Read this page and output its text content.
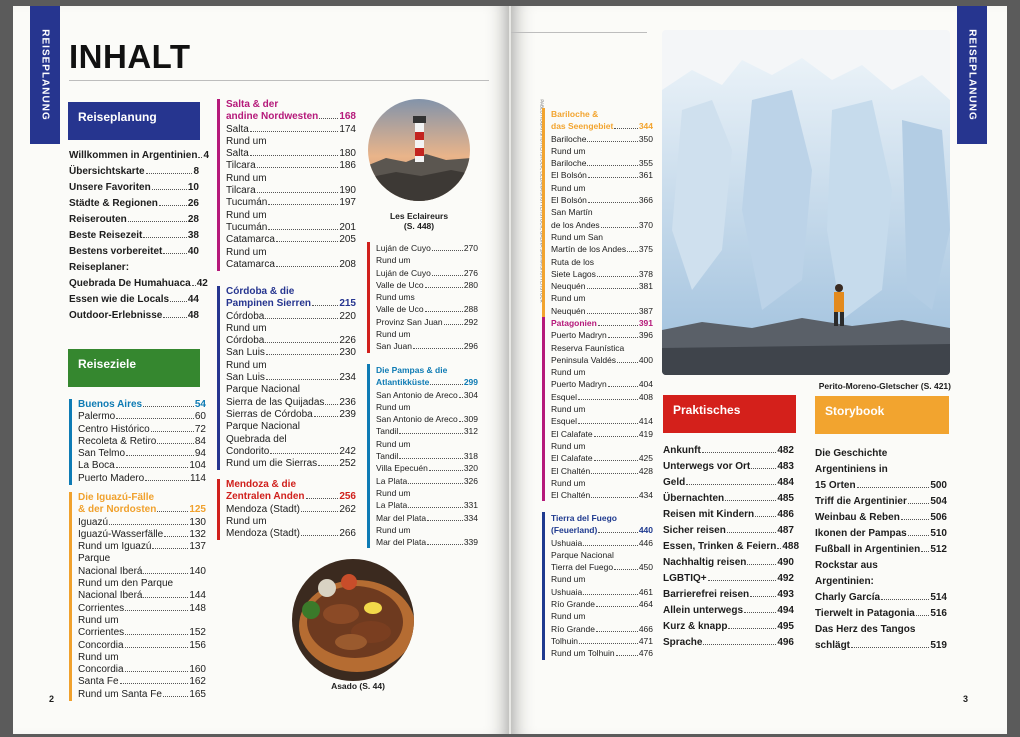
REISEPLANUNG INHALT
Reiseplanung
Willkommen in Argentinien 4
Übersichtskarte	8
Unsere Favoriten	10
Städte & Regionen	26
Reiserouten	28
Beste Reisezeit	38
Bestens vorbereitet	40
Reiseplaner:
Quebrada De Humahuaca 42
Essen wie die Locals 44
Outdoor-Erlebnisse	48
Reiseziele
Buenos Aires	54
Palermo	60
Centro Histórico	72
Recoleta & Retiro	84
San Telmo	94
La Boca	104
Puerto Madero	114
Die Iguazú-Fälle
& der Nordosten	125
Iguazú	130
Iguazú-Wasserfälle	132
Rund um Iguazú	137
Parque
Nacional Iberá	140
Rund um den Parque
Nacional Iberá	144
Corrientes	148
Rund um
Corrientes	152
Concordia	156
Rund um
Concordia	160
Santa Fe	162
Rund um Santa Fe	165
Salta & der
andine Nordwesten 168
Salta	174
Rund um
Salta	180
Tilcara	186
Rund um
Tilcara	190
Tucumán	197
Rund um
Tucumán	201
Catamarca	205
Rund um
Catamarca	208
Córdoba & die
Pampinen Sierren	215
Córdoba	220
Rund um
Córdoba	226
San Luis	230
Rund um
San Luis	234
Parque Nacional
Sierra de las Quijadas 236
Sierras de Córdoba	239
Parque Nacional
Quebrada del
Condorito	242
Rund um die Sierras 252
Mendoza & die
Zentralen Anden	256
Mendoza (Stadt)	262
Rund um
Mendoza (Stadt)	266
Luján de Cuyo	270
Rund um
Luján de Cuyo	276
Valle de Uco	280
Rund ums
Valle de Uco	288
Provinz San Juan 292
Rund um
San Juan	296
Die Pampas & die
Atlantikküste	299
San Antonio de Areco 304
Rund um
San Antonio de Areco 309
Tandil	312
Rund um
Tandil	318
Villa Epecuén	320
La Plata	326
Rund um
La Plata	331
Mar del Plata	334
Rund um
Mar del Plata	339
Les Eclaireurs
(S. 448)
Asado (S. 44)
2
REISEPLANUNG
PABLO ROGAT/SHUTTERSTOCK; LILLIANA/SHUTTERSTOCK; GALINA SAVINA/SHUTTERSTOCK Bariloche &
das Seengebiet	344
Bariloche	350
Rund um
Bariloche	355
El Bolsón	361
Rund um
El Bolsón	366
San Martín
de los Andes	370
Rund um San
Martín de los Andes 375
Ruta de los
Siete Lagos	378
Neuquén	381
Rund um
Neuquén	387
Patagonien	391
Puerto Madryn	396
Reserva Faunística
Peninsula Valdés	400
Rund um
Puerto Madryn	404
Esquel	408
Rund um
Esquel	414
El Calafate	419
Rund um
El Calafate	425
El Chaltén	428
Rund um
El Chaltén	434
Tierra del Fuego
(Feuerland)	440
Ushuaia	446
Parque Nacional
Tierra del Fuego	450
Rund um
Ushuaia	461
Río Grande	464
Rund um
Río Grande	466
Tolhuin	471
Rund um Tolhuin	476
Perito-Moreno-Gletscher (S. 421)
Praktisches	Storybook
Ankunft	482
Unterwegs vor Ort	483
Geld	484
Übernachten	485
Reisen mit Kindern 486
Sicher reisen	487
Essen, Trinken & Feiern 488
Nachhaltig reisen	490
LGBTIQ+	492
Barrierefrei reisen	493
Allein unterwegs	494
Kurz & knapp	495
Sprache	496
Die Geschichte
Argentiniens in
15 Orten	500
Triff die Argentinier 504
Weinbau & Reben	506
Ikonen der Pampas 510
Fußball in Argentinien 512
Rockstar aus
Argentinien:
Charly García	514
Tierwelt in Patagonia 516
Das Herz des Tangos
schlägt	519
3
